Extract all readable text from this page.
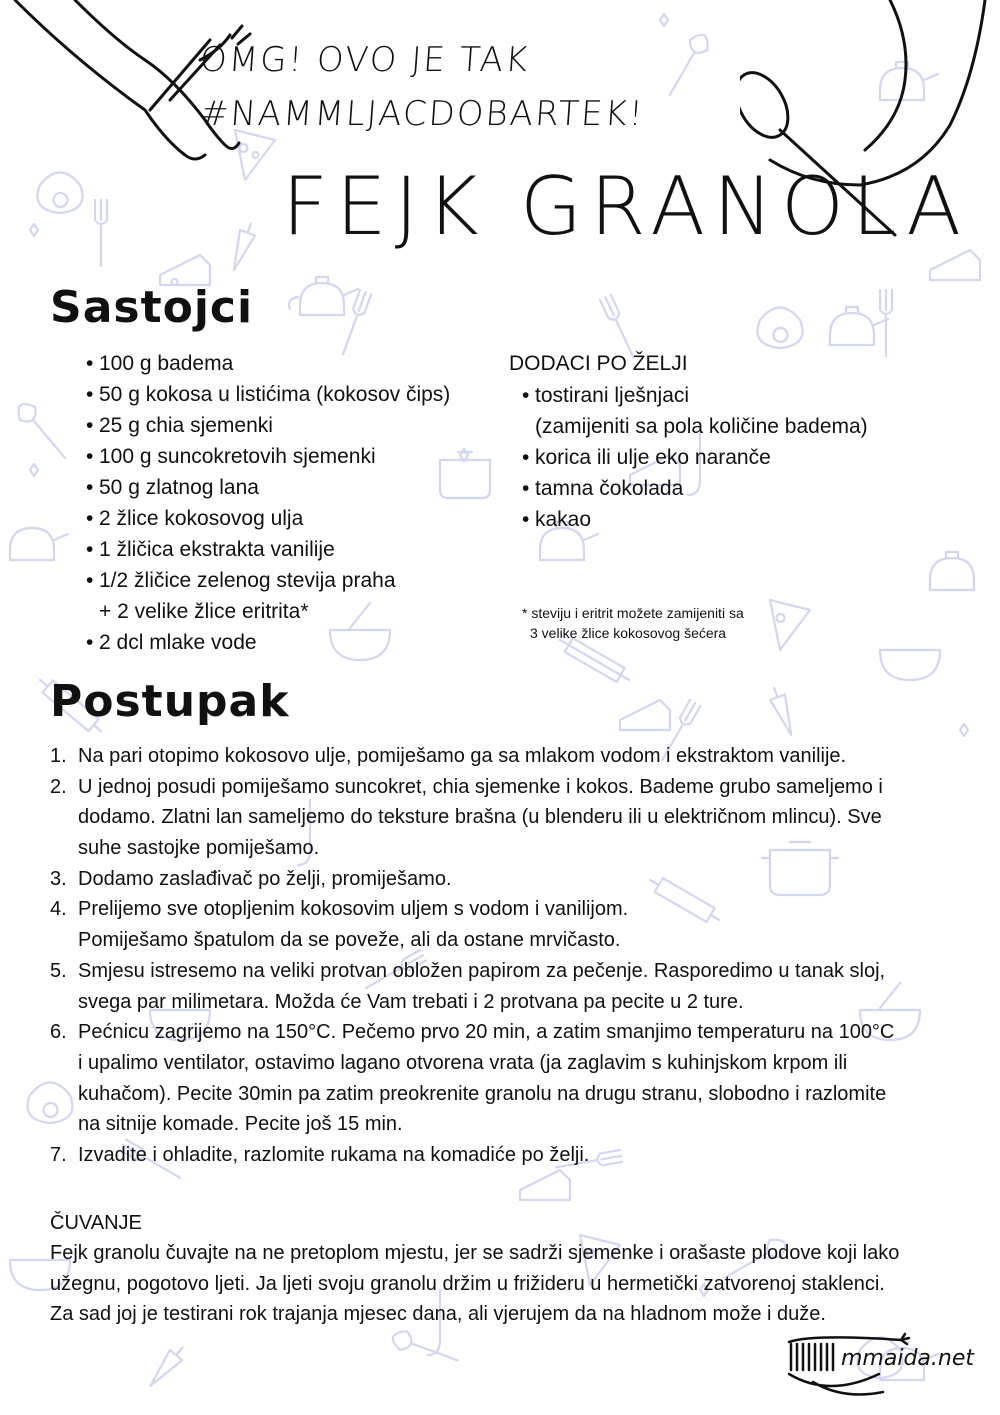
OMG! OVO JE TAK
#NAMMLJACDOBARTEK!
FEJK GRANOLA
Sastojci
• 100 g badema
• 50 g kokosa u listićima (kokosov čips)
• 25 g chia sjemenki
• 100 g suncokretovih sjemenki
• 50 g zlatnog lana
• 2 žlice kokosovog ulja
• 1 žličica ekstrakta vanilije
• 1/2 žličice zelenog stevija praha
+ 2 velike žlice eritrita*
• 2 dcl mlake vode
DODACI PO ŽELJI
• tostirani lješnjaci
(zamijeniti sa pola količine badema)
• korica ili ulje eko naranče
• tamna čokolada
• kakao
* steviju i eritrit možete zamijeniti sa
3 velike žlice kokosovog šećera
Postupak
1. Na pari otopimo kokosovo ulje, pomiješamo ga sa mlakom vodom i ekstraktom vanilije.
2. U jednoj posudi pomiješamo suncokret, chia sjemenke i kokos. Bademe grubo sameljemo i
dodamo. Zlatni lan sameljemo do teksture brašna (u blenderu ili u električnom mlincu). Sve
suhe sastojke pomiješamo.
3. Dodamo zaslađivač po želji, promiješamo.
4. Prelijemo sve otopljenim kokosovim uljem s vodom i vanilijom.
Pomiješamo špatulom da se poveže, ali da ostane mrvičasto.
5. Smjesu istresemo na veliki protvan obložen papirom za pečenje. Rasporedimo u tanak sloj,
svega par milimetara. Možda će Vam trebati i 2 protvana pa pecite u 2 ture.
6. Pećnicu zagrijemo na 150°C. Pečemo prvo 20 min, a zatim smanjimo temperaturu na 100°C
i upalimo ventilator, ostavimo lagano otvorena vrata (ja zaglavim s kuhinjskom krpom ili
kuhačom). Pecite 30min pa zatim preokrenite granolu na drugu stranu, slobodno i razlomite
na sitnije komade. Pecite još 15 min.
7. Izvadite i ohladite, razlomite rukama na komadiće po želji.
ČUVANJE
Fejk granolu čuvajte na ne pretoplom mjestu, jer se sadrži sjemenke i orašaste plodove koji lako
užegnu, pogotovo ljeti. Ja ljeti svoju granolu držim u frižideru u hermetički zatvorenoj staklenci.
Za sad joj je testirani rok trajanja mjesec dana, ali vjerujem da na hladnom može i duže.
mmaida.net
